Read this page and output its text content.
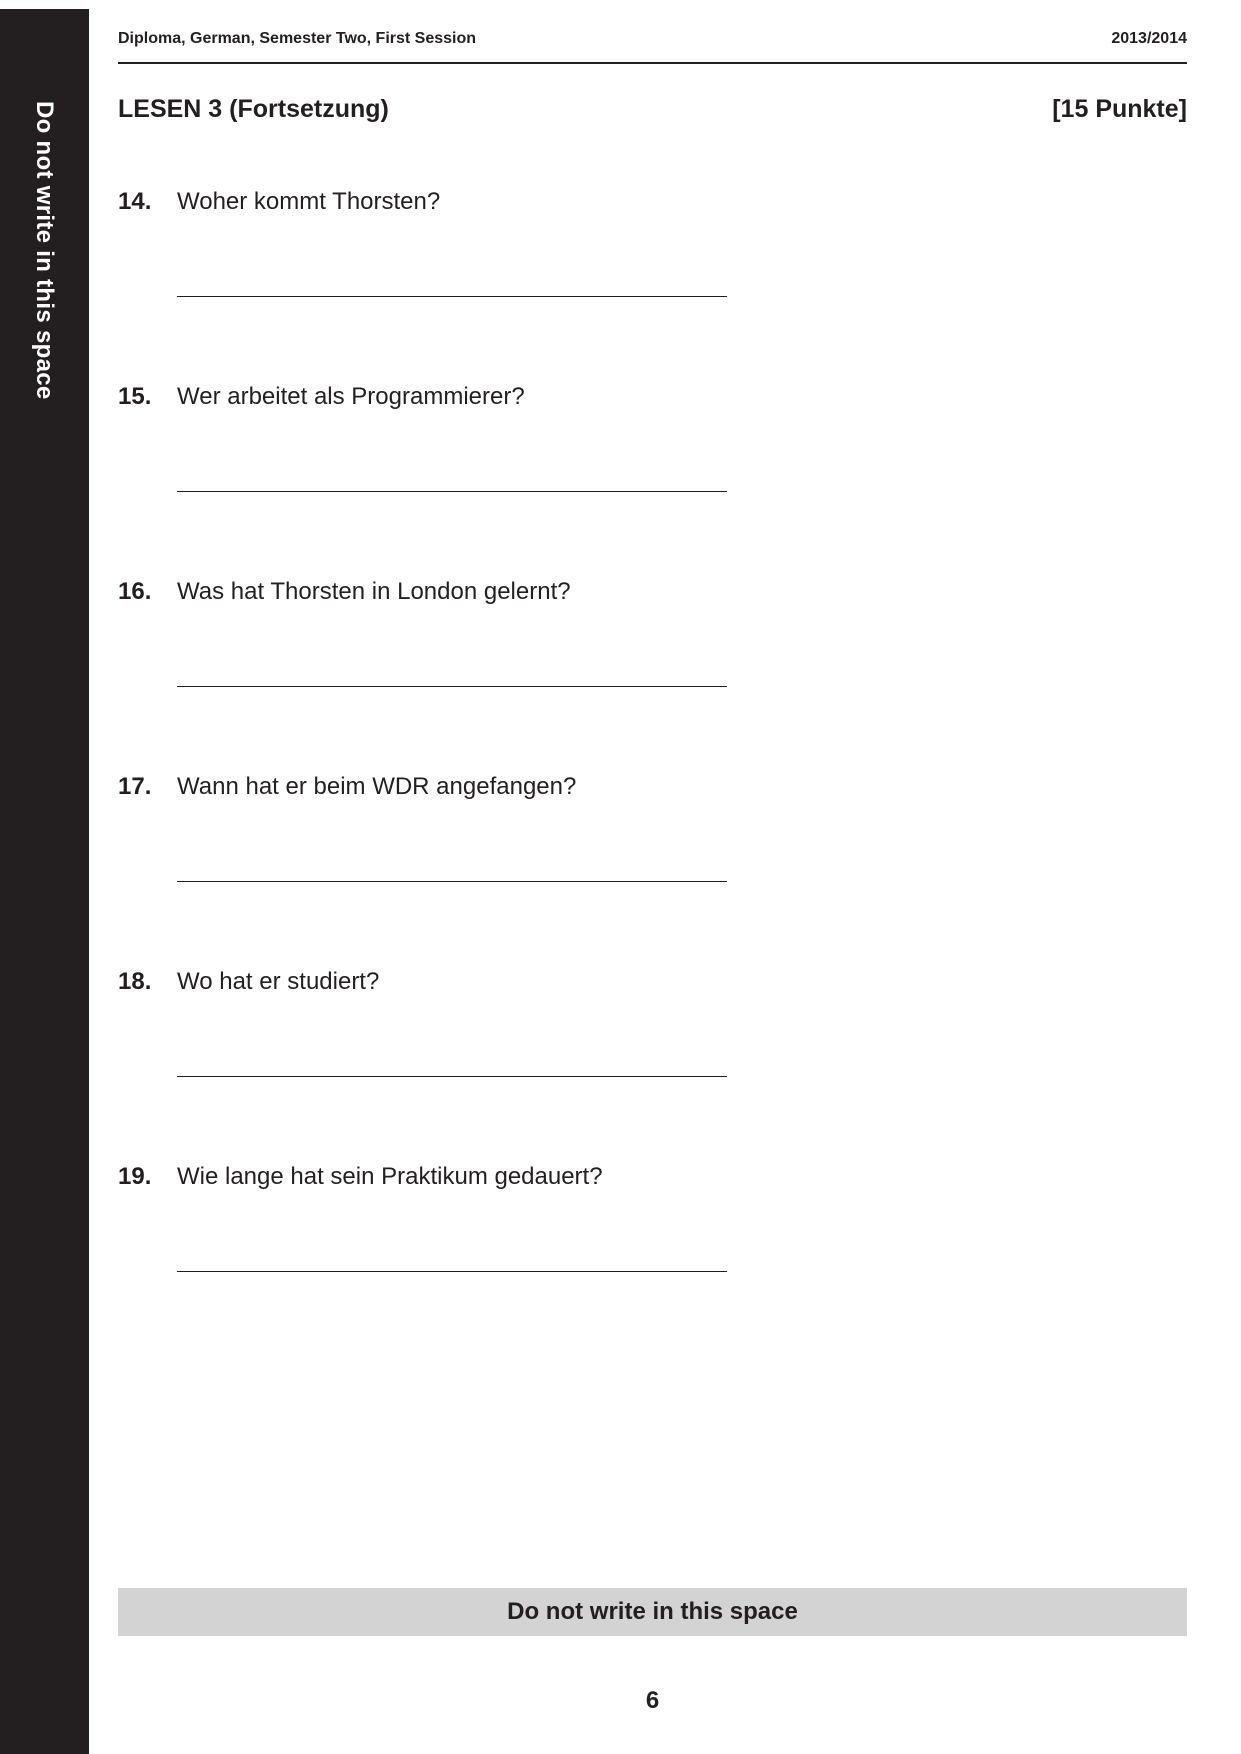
Do not write in this space
Diploma, German, Semester Two, First Session	2013/2014
LESEN 3 (Fortsetzung)	[15 Punkte]
14. Woher kommt Thorsten?
15. Wer arbeitet als Programmierer?
16. Was hat Thorsten in London gelernt?
17. Wann hat er beim WDR angefangen?
18. Wo hat er studiert?
19. Wie lange hat sein Praktikum gedauert?
Do not write in this space
6
